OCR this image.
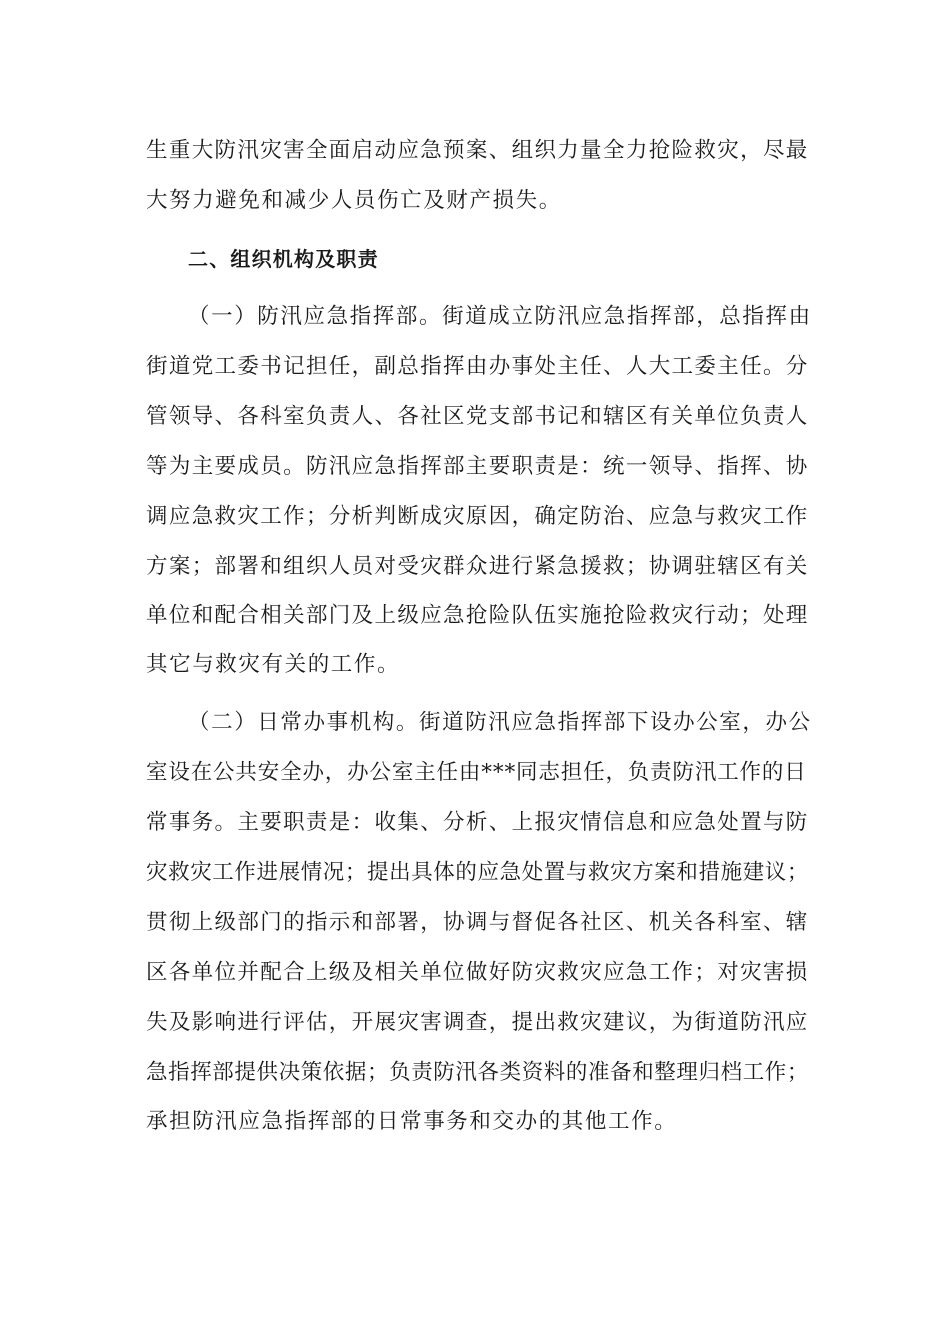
生重大防汛灾害全面启动应急预案、组织力量全力抢险救灾，尽最
大努力避免和减少人员伤亡及财产损失。
二、组织机构及职责
（一）防汛应急指挥部。街道成立防汛应急指挥部，总指挥由
街道党工委书记担任，副总指挥由办事处主任、人大工委主任。分
管领导、各科室负责人、各社区党支部书记和辖区有关单位负责人
等为主要成员。防汛应急指挥部主要职责是：统一领导、指挥、协
调应急救灾工作；分析判断成灾原因，确定防治、应急与救灾工作
方案；部署和组织人员对受灾群众进行紧急援救；协调驻辖区有关
单位和配合相关部门及上级应急抢险队伍实施抢险救灾行动；处理
其它与救灾有关的工作。
（二）日常办事机构。街道防汛应急指挥部下设办公室，办公
室设在公共安全办，办公室主任由***同志担任，负责防汛工作的日
常事务。主要职责是：收集、分析、上报灾情信息和应急处置与防
灾救灾工作进展情况；提出具体的应急处置与救灾方案和措施建议；
贯彻上级部门的指示和部署，协调与督促各社区、机关各科室、辖
区各单位并配合上级及相关单位做好防灾救灾应急工作；对灾害损
失及影响进行评估，开展灾害调查，提出救灾建议，为街道防汛应
急指挥部提供决策依据；负责防汛各类资料的准备和整理归档工作；
承担防汛应急指挥部的日常事务和交办的其他工作。
